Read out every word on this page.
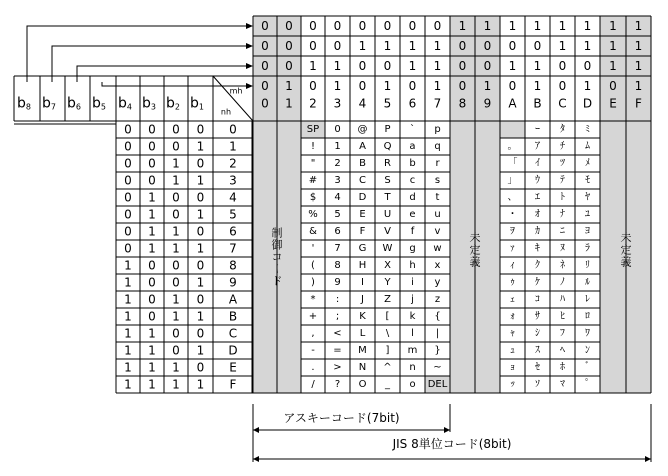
0 0 0 0 0 0 0 0 1 1 1 1 1 1 1 1
0 0 0 0 1 1 1 1 0 0 0 0 1 1 1 1
0 0 1 1 0 0 1 1 0 0 1 1 0 0 1 1
0 1 0 1 0 1 0 1 0 1 0 1 0 1 0 1
0 1 2 3 4 5 6 7 8 9 A B C D E F
$b_8$ $b_7$ $b_6$ $b_5$ $b_4$ $b_3$ $b_2$ $b_1$
mh
nh
0 0 0 0 0
0 0 0 1 1
0 0 1 0 2
0 0 1 1 3
0 1 0 0 4
0 1 0 1 5
0 1 1 0 6
0 1 1 1 7
1 0 0 0 8
1 0 0 1 9
1 0 1 0 A
1 0 1 1 B
1 1 0 0 C
1 1 0 1 D
1 1 1 0 E
1 1 1 1 F
SP
!
"
#
$
%
&
'
(
)
*
+
,
-
.
/
0
1
2
3
4
5
6
7
8
9
:
;
<
=
>
?
@
A
B
C
D
E
F
G
H
I
J
K
L
M
N
O
P
Q
R
S
T
U
V
W
X
Y
Z
[
\
]
^
_
`
a
b
c
d
e
f
g
h
i
j
k
l
m
n
o
p
q
r
s
t
u
v
w
x
y
z
{
|
}
~
DEL
。
「
」
、
・
ｦ
ｧ
ｨ
ｩ
ｪ
ｫ
ｬ
ｭ
ｮ
ｯ
ｰ
ｱ
ｲ
ｳ
ｴ
ｵ
ｶ
ｷ
ｸ
ｹ
ｺ
ｻ
ｼ
ｽ
ｾ
ｿ
ﾀ
ﾁ
ﾂ
ﾃ
ﾄ
ﾅ
ﾆ
ﾇ
ﾈ
ﾉ
ﾊ
ﾋ
ﾌ
ﾍ
ﾎ
ﾏ
ﾐ
ﾑ
ﾒ
ﾓ
ﾔ
ﾕ
ﾖ
ﾗ
ﾘ
ﾙ
ﾚ
ﾛ
ﾜ
ﾝ
ﾞ
ﾟ
制
御
コ
ー
ド
未
定
義
未
定
義
アスキーコード(7bit)
JIS 8単位コード(8bit)
